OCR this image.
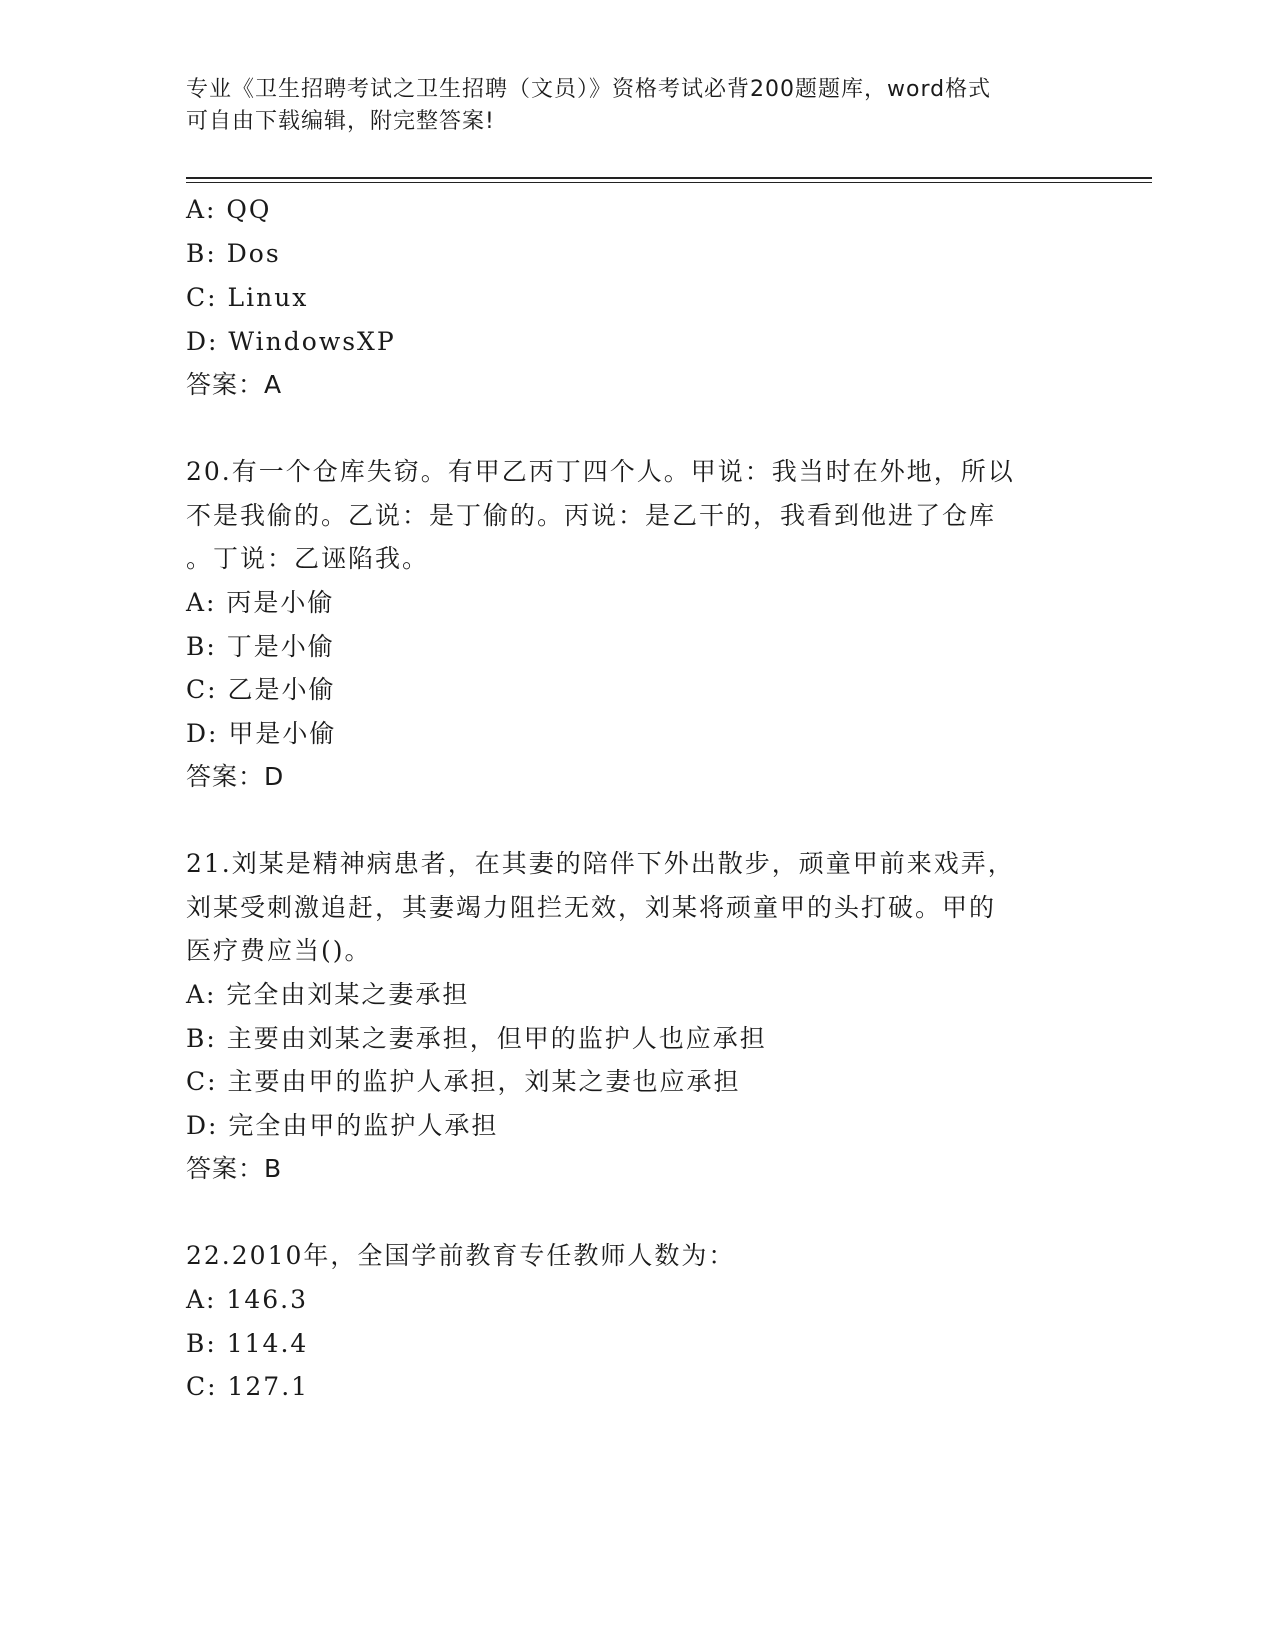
专业《卫生招聘考试之卫生招聘（文员）》资格考试必背200题题库，word格式

可自由下载编辑，附完整答案!

A: QQ

B: Dos

C: Linux

D: WindowsXP

答案：A

20.有一个仓库失窃。有甲乙丙丁四个人。甲说：我当时在外地，所以

不是我偷的。乙说：是丁偷的。丙说：是乙干的，我看到他进了仓库

。丁说：乙诬陷我。

A: 丙是小偷

B: 丁是小偷

C: 乙是小偷

D: 甲是小偷

答案：D

21.刘某是精神病患者，在其妻的陪伴下外出散步，顽童甲前来戏弄，

刘某受刺激追赶，其妻竭力阻拦无效，刘某将顽童甲的头打破。甲的

医疗费应当()。

A: 完全由刘某之妻承担

B: 主要由刘某之妻承担，但甲的监护人也应承担

C: 主要由甲的监护人承担，刘某之妻也应承担

D: 完全由甲的监护人承担

答案：B

22.2010年，全国学前教育专任教师人数为：

A: 146.3

B: 114.4

C: 127.1
